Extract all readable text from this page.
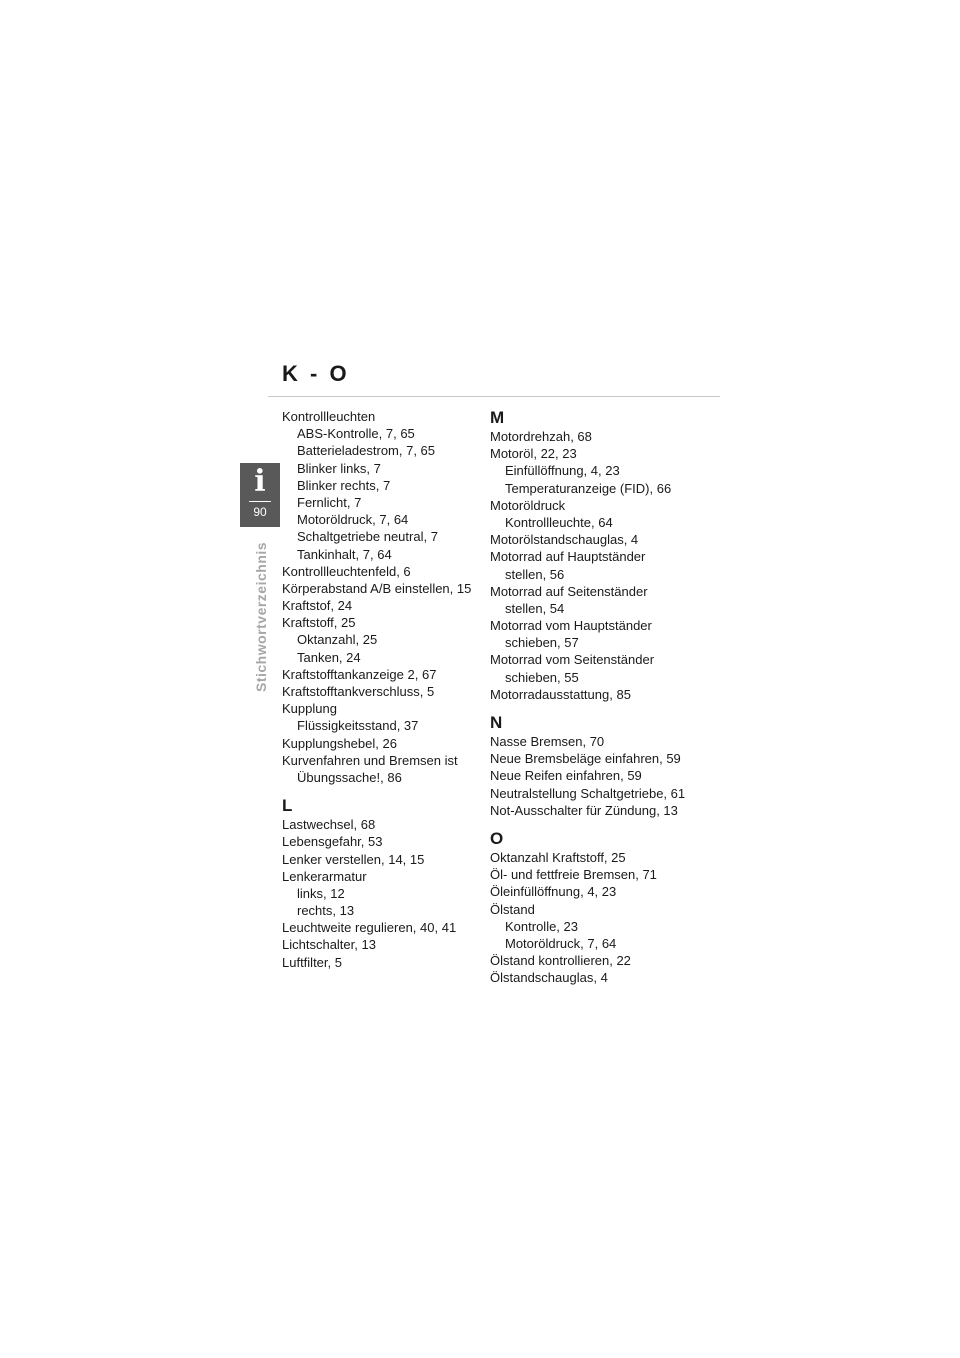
K - O
i
90
Stichwortverzeichnis
Kontrollleuchten
ABS-Kontrolle, 7, 65
Batterieladestrom, 7, 65
Blinker links, 7
Blinker rechts, 7
Fernlicht, 7
Motoröldruck, 7, 64
Schaltgetriebe neutral, 7
Tankinhalt, 7, 64
Kontrollleuchtenfeld, 6
Körperabstand A/B einstellen, 15
Kraftstof, 24
Kraftstoff, 25
Oktanzahl, 25
Tanken, 24
Kraftstofftankanzeige 2, 67
Kraftstofftankverschluss, 5
Kupplung
Flüssigkeitsstand, 37
Kupplungshebel, 26
Kurvenfahren und Bremsen ist
Übungssache!, 86
L
Lastwechsel, 68
Lebensgefahr, 53
Lenker verstellen, 14, 15
Lenkerarmatur
links, 12
rechts, 13
Leuchtweite regulieren, 40, 41
Lichtschalter, 13
Luftfilter, 5
M
Motordrehzah, 68
Motoröl, 22, 23
Einfüllöffnung, 4, 23
Temperaturanzeige (FID), 66
Motoröldruck
Kontrollleuchte, 64
Motorölstandschauglas, 4
Motorrad auf Hauptständer
stellen, 56
Motorrad auf Seitenständer
stellen, 54
Motorrad vom Hauptständer
schieben, 57
Motorrad vom Seitenständer
schieben, 55
Motorradausstattung, 85
N
Nasse Bremsen, 70
Neue Bremsbeläge einfahren, 59
Neue Reifen einfahren, 59
Neutralstellung Schaltgetriebe, 61
Not-Ausschalter für Zündung, 13
O
Oktanzahl Kraftstoff, 25
Öl- und fettfreie Bremsen, 71
Öleinfüllöffnung, 4, 23
Ölstand
Kontrolle, 23
Motoröldruck, 7, 64
Ölstand kontrollieren, 22
Ölstandschauglas, 4
